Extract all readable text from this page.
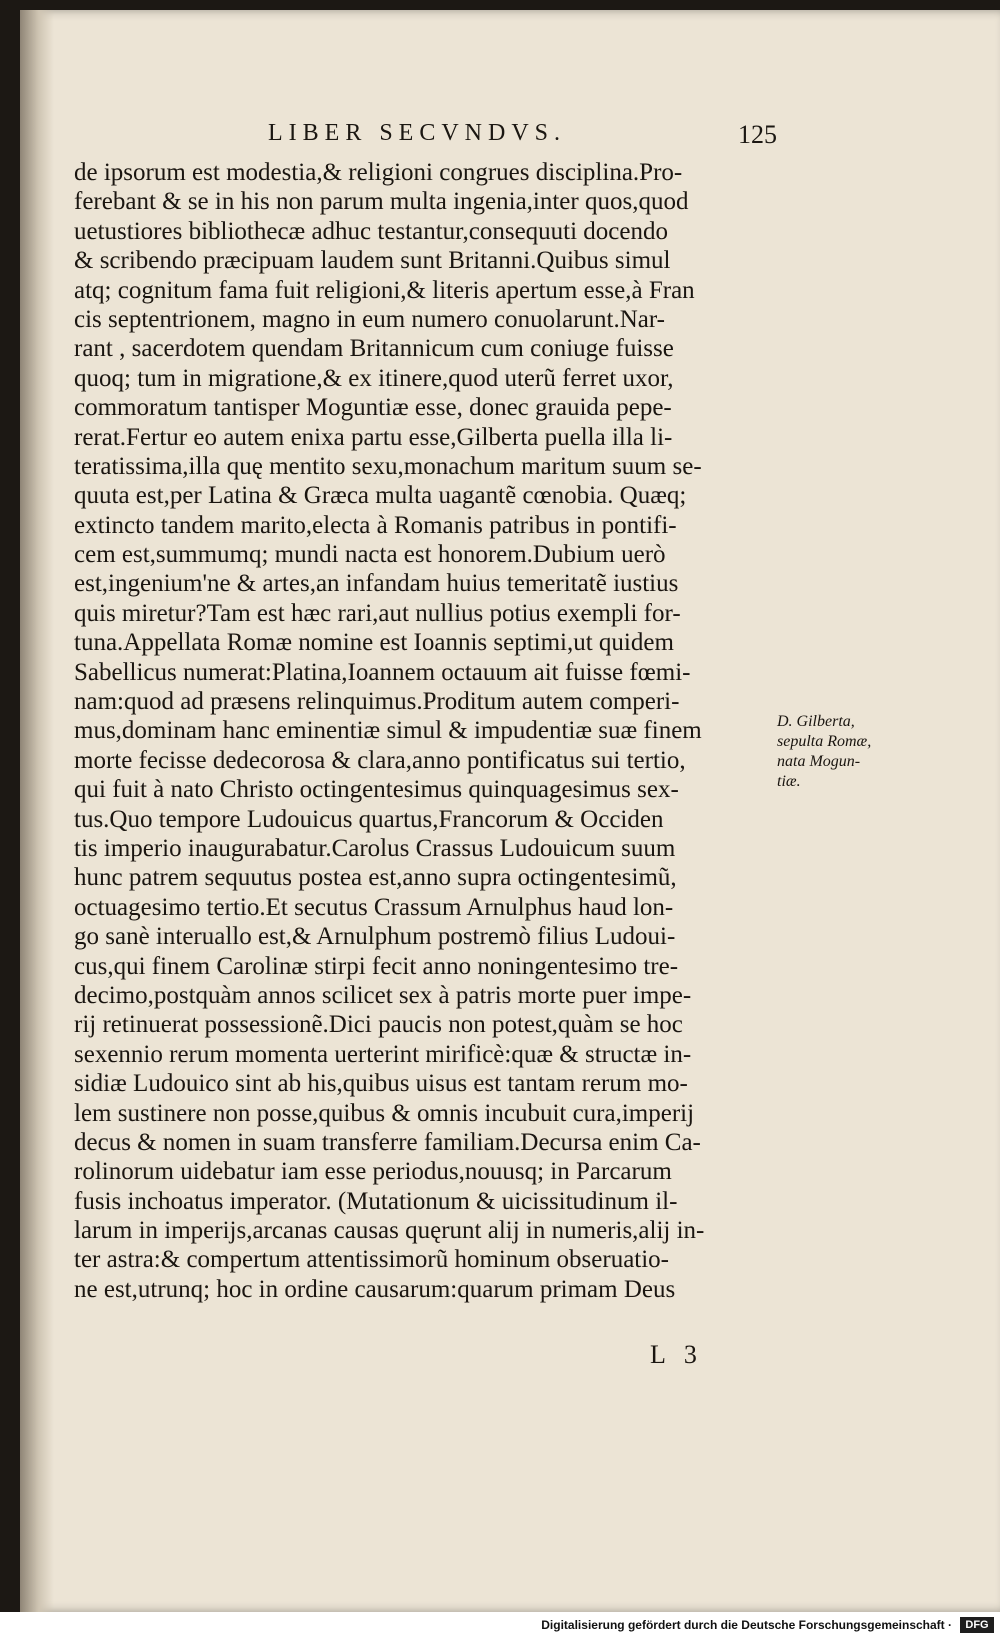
LIBER SECVNDVS.	125
de ipsorum est modestia,& religioni congrues disciplina.Pro-
ferebant & se in his non parum multa ingenia,inter quos,quod
uetustiores bibliothecæ adhuc testantur,consequuti docendo
& scribendo præcipuam laudem sunt Britanni.Quibus simul
atq; cognitum fama fuit religioni,& literis apertum esse,à Fran
cis septentrionem, magno in eum numero conuolarunt.Nar-
rant , sacerdotem quendam Britannicum cum coniuge fuisse
quoq; tum in migratione,& ex itinere,quod uterũ ferret uxor,
commoratum tantisper Moguntiæ esse, donec grauida pepe-
rerat.Fertur eo autem enixa partu esse,Gilberta puella illa li-
teratissima,illa quę mentito sexu,monachum maritum suum se-
quuta est,per Latina & Græca multa uagantẽ cœnobia. Quæq;
extincto tandem marito,electa à Romanis patribus in pontifi-
cem est,summumq; mundi nacta est honorem.Dubium uerò
est,ingenium'ne & artes,an infandam huius temeritatẽ iustius
quis miretur?Tam est hæc rari,aut nullius potius exempli for-
tuna.Appellata Romæ nomine est Ioannis septimi,ut quidem
Sabellicus numerat:Platina,Ioannem octauum ait fuisse fœmi-
nam:quod ad præsens relinquimus.Proditum autem comperi-
mus,dominam hanc eminentiæ simul & impudentiæ suæ finem
morte fecisse dedecorosa & clara,anno pontificatus sui tertio,
qui fuit à nato Christo octingentesimus quinquagesimus sex-
tus.Quo tempore Ludouicus quartus,Francorum & Occiden
tis imperio inaugurabatur.Carolus Crassus Ludouicum suum
hunc patrem sequutus postea est,anno supra octingentesimũ,
octuagesimo tertio.Et secutus Crassum Arnulphus haud lon-
go sanè interuallo est,& Arnulphum postremò filius Ludoui-
cus,qui finem Carolinæ stirpi fecit anno noningentesimo tre-
decimo,postquàm annos scilicet sex à patris morte puer impe-
rij retinuerat possessionẽ.Dici paucis non potest,quàm se hoc
sexennio rerum momenta uerterint mirificè:quæ & structæ in-
sidiæ Ludouico sint ab his,quibus uisus est tantam rerum mo-
lem sustinere non posse,quibus & omnis incubuit cura,imperij
decus & nomen in suam transferre familiam.Decursa enim Ca-
rolinorum uidebatur iam esse periodus,nouusq; in Parcarum
fusis inchoatus imperator. (Mutationum & uicissitudinum il-
larum in imperijs,arcanas causas quęrunt alij in numeris,alij in-
ter astra:& compertum attentissimorũ hominum obseruatio-
ne est,utrunq; hoc in ordine causarum:quarum primam Deus
D. Gilberta,
sepulta Romæ,
nata Mogun-
tiæ.
L3
Digitalisierung gefördert durch die Deutsche Forschungsgemeinschaft ·	DFG
